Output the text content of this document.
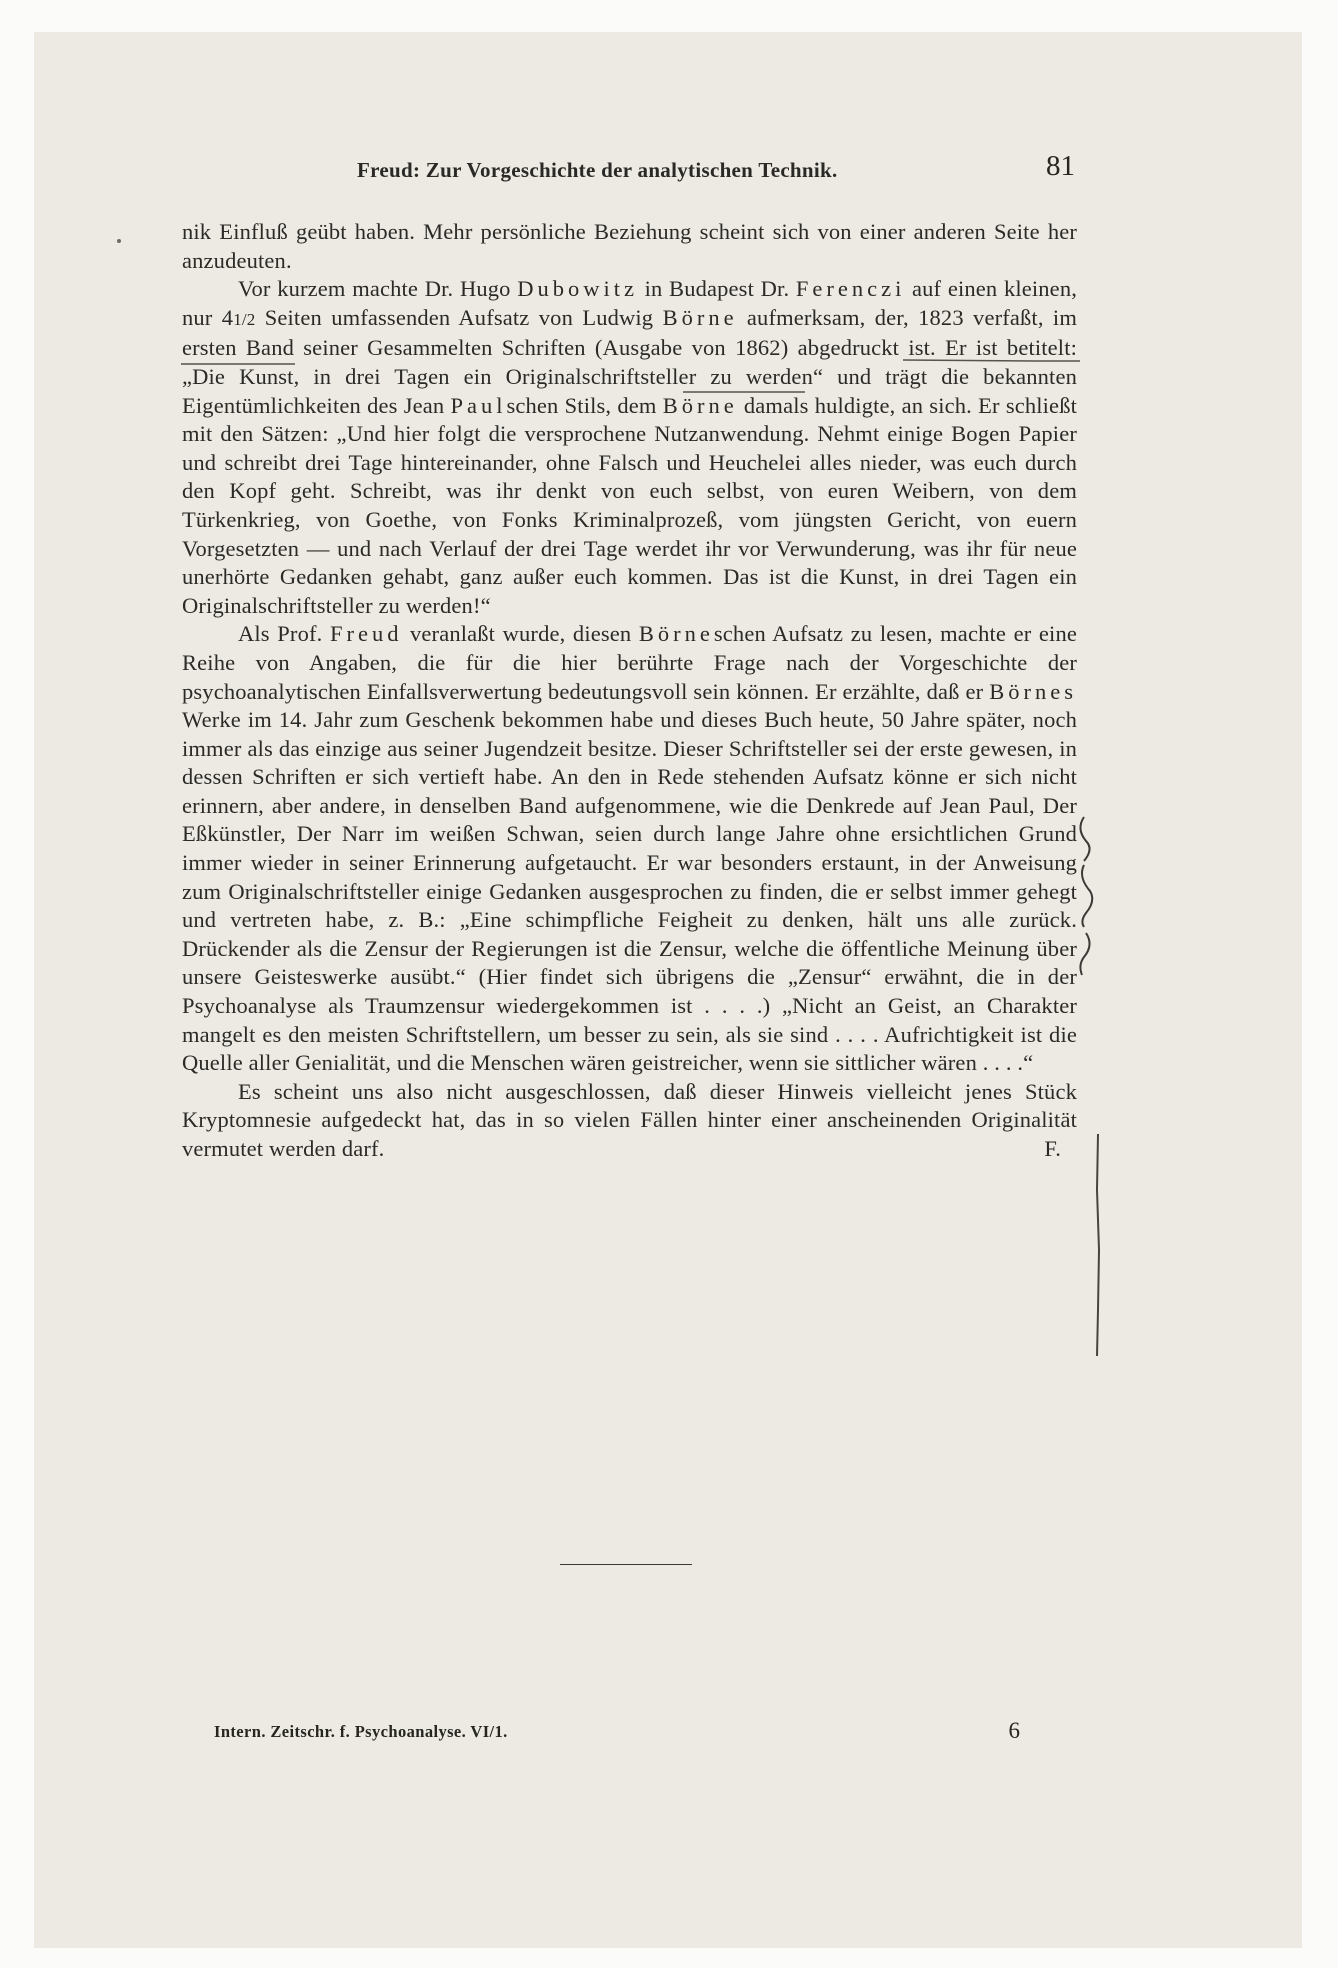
Freud: Zur Vorgeschichte der analytischen Technik.	81

nik Einfluß geübt haben. Mehr persönliche Beziehung scheint sich von einer anderen Seite her anzudeuten.

Vor kurzem machte Dr. Hugo Dubowitz in Budapest Dr. Ferenczi auf einen kleinen, nur 41/2 Seiten umfassenden Aufsatz von Ludwig Börne aufmerksam, der, 1823 verfaßt, im ersten Band seiner Gesammelten Schriften (Ausgabe von 1862) abgedruckt ist. Er ist betitelt: „Die Kunst, in drei Tagen ein Originalschriftsteller zu werden“ und trägt die bekannten Eigentümlichkeiten des Jean Paulschen Stils, dem Börne damals huldigte, an sich. Er schließt mit den Sätzen: „Und hier folgt die versprochene Nutzanwendung. Nehmt einige Bogen Papier und schreibt drei Tage hintereinander, ohne Falsch und Heuchelei alles nieder, was euch durch den Kopf geht. Schreibt, was ihr denkt von euch selbst, von euren Weibern, von dem Türkenkrieg, von Goethe, von Fonks Kriminalprozeß, vom jüngsten Gericht, von euern Vorgesetzten — und nach Verlauf der drei Tage werdet ihr vor Verwunderung, was ihr für neue unerhörte Gedanken gehabt, ganz außer euch kommen. Das ist die Kunst, in drei Tagen ein Originalschriftsteller zu werden!“

Als Prof. Freud veranlaßt wurde, diesen Börneschen Aufsatz zu lesen, machte er eine Reihe von Angaben, die für die hier berührte Frage nach der Vorgeschichte der psychoanalytischen Einfallsverwertung bedeutungsvoll sein können. Er erzählte, daß er Börnes Werke im 14. Jahr zum Geschenk bekommen habe und dieses Buch heute, 50 Jahre später, noch immer als das einzige aus seiner Jugendzeit besitze. Dieser Schriftsteller sei der erste gewesen, in dessen Schriften er sich vertieft habe. An den in Rede stehenden Aufsatz könne er sich nicht erinnern, aber andere, in denselben Band aufgenommene, wie die Denkrede auf Jean Paul, Der Eßkünstler, Der Narr im weißen Schwan, seien durch lange Jahre ohne ersichtlichen Grund immer wieder in seiner Erinnerung aufgetaucht. Er war besonders erstaunt, in der Anweisung zum Originalschriftsteller einige Gedanken ausgesprochen zu finden, die er selbst immer gehegt und vertreten habe, z. B.: „Eine schimpfliche Feigheit zu denken, hält uns alle zurück. Drückender als die Zensur der Regierungen ist die Zensur, welche die öffentliche Meinung über unsere Geisteswerke ausübt.“ (Hier findet sich übrigens die „Zensur“ erwähnt, die in der Psychoanalyse als Traumzensur wiedergekommen ist . . . .) „Nicht an Geist, an Charakter mangelt es den meisten Schriftstellern, um besser zu sein, als sie sind . . . . Aufrichtigkeit ist die Quelle aller Genialität, und die Menschen wären geistreicher, wenn sie sittlicher wären . . . .“

Es scheint uns also nicht ausgeschlossen, daß dieser Hinweis vielleicht jenes Stück Kryptomnesie aufgedeckt hat, das in so vielen Fällen hinter einer anscheinenden Originalität vermutet werden darf.	F.

Intern. Zeitschr. f. Psychoanalyse. VI/1.	6
